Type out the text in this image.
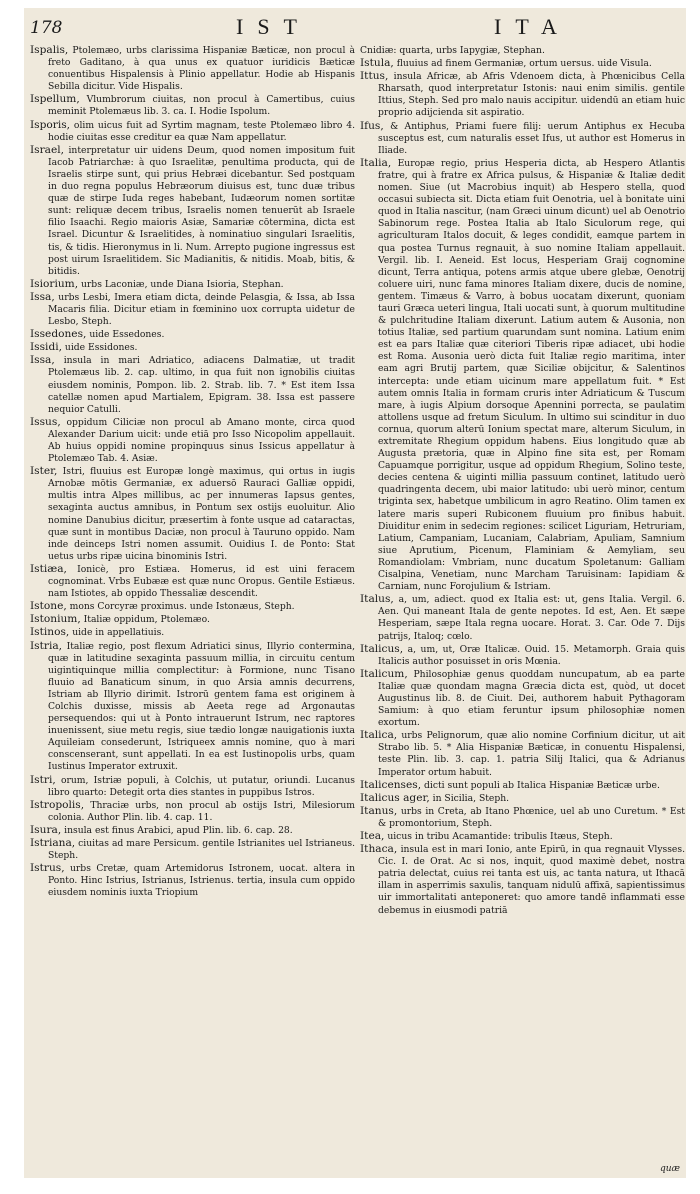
178	IST	ITA
Ispalis, Ptolemæo, urbs clarissima Hispaniæ Bæticæ, non procul à freto Gaditano, à qua unus ex quatuor iuridicis Bæticæ conuentibus Hispalensis à Plinio appellatur. Hodie ab Hispanis Sebilla dicitur. Vide Hispalis.
Ispellum, Vlumbrorum ciuitas, non procul à Camertibus, cuius meminit Ptolemæus lib. 3. ca. I. Hodie Ispolum.
Isporis, olim uicus fuit ad Syrtim magnam, teste Ptolemæo libro 4. hodie ciuitas esse creditur ea quæ Nam appellatur.
Israel, interpretatur uir uidens Deum, quod nomen impositum fuit Iacob Patriarchæ: à quo Israelitæ, penultima producta, qui de Israelis stirpe sunt, qui prius Hebræi dicebantur. Sed postquam in duo regna populus Hebræorum diuisus est, tunc duæ tribus quæ de stirpe Iuda reges habebant, Iudæorum nomen sortitæ sunt: reliquæ decem tribus, Israelis nomen tenuerūt ab Israele filio Isaachi. Regio maioris Asiæ, Samariæ cōtermina, dicta est Israel. Dicuntur & Israelitides, à nominatiuo singulari Israelitis, tis, & tidis. Hieronymus in li. Num. Arrepto pugione ingressus est post uirum Israelitidem. Sic Madianitis, & nitidis. Moab, bitis, & bitidis.
Isiorium, urbs Laconiæ, unde Diana Isioria, Stephan.
Issa, urbs Lesbi, Imera etiam dicta, deinde Pelasgia, & Issa, ab Issa Macaris filia. Dicitur etiam in fœminino uox corrupta uidetur de Lesbo, Steph.
Issedones, uide Essedones.
Issidi, uide Essidones.
Issa, insula in mari Adriatico, adiacens Dalmatiæ, ut tradit Ptolemæus lib. 2. cap. ultimo, in qua fuit non ignobilis ciuitas eiusdem nominis, Pompon. lib. 2. Strab. lib. 7. * Est item Issa catellæ nomen apud Martialem, Epigram. 38. Issa est passere nequior Catulli.
Issus, oppidum Ciliciæ non procul ab Amano monte, circa quod Alexander Darium uicit: unde etiā pro Isso Nicopolim appellauit. Ab huius oppidi nomine propinquus sinus Issicus appellatur à Ptolemæo Tab. 4. Asiæ.
Ister, Istri, fluuius est Europæ longè maximus, qui ortus in iugis Arnobæ mōtis Germaniæ, ex aduersō Rauraci Galliæ oppidi, multis intra Alpes millibus, ac per innumeras Iapsus gentes, sexaginta auctus amnibus, in Pontum sex ostijs euoluitur. Alio nomine Danubius dicitur, præsertim à fonte usque ad cataractas, quæ sunt in montibus Daciæ, non procul à Tauruno oppido. Nam inde deinceps Istri nomen assumit. Ouidius I. de Ponto: Stat uetus urbs ripæ uicina binominis Istri.
Istiæa, Ionicè, pro Estiæa. Homerus, id est uini feracem cognominat. Vrbs Eubææ est quæ nunc Oropus. Gentile Estiæus. nam Istiotes, ab oppido Thessaliæ descendit.
Istone, mons Corcyræ proximus. unde Istonæus, Steph.
Istonium, Italiæ oppidum, Ptolemæo.
Istinos, uide in appellatiuis.
Istria, Italiæ regio, post flexum Adriatici sinus, Illyrio contermina, quæ in latitudine sexaginta passuum millia, in circuitu centum uigintiquinque millia complectitur: à Formione, nunc Tisano fluuio ad Banaticum sinum, in quo Arsia amnis decurrens, Istriam ab Illyrio dirimit. Istrorū gentem fama est originem à Colchis duxisse, missis ab Aeeta rege ad Argonautas persequendos: qui ut à Ponto intrauerunt Istrum, nec raptores inuenissent, siue metu regis, siue tædio longæ nauigationis iuxta Aquileiam consederunt, Istriqueex amnis nomine, quo à mari conscenserant, sunt appellati. In ea est Iustinopolis urbs, quam Iustinus Imperator extruxit.
Istri, orum, Istriæ populi, à Colchis, ut putatur, oriundi. Lucanus libro quarto: Detegit orta dies stantes in puppibus Istros.
Istropolis, Thraciæ urbs, non procul ab ostijs Istri, Milesiorum colonia. Author Plin. lib. 4. cap. 11.
Isura, insula est finus Arabici, apud Plin. lib. 6. cap. 28.
Istriana, ciuitas ad mare Persicum. gentile Istrianites uel Istrianeus. Steph.
Istrus, urbs Cretæ, quam Artemidorus Istronem, uocat. altera in Ponto. Hinc Istrius, Istrianus, Istrienus. tertia, insula cum oppido eiusdem nominis iuxta Triopium
Cnidiæ: quarta, urbs Iapygiæ, Stephan.
Istula, fluuius ad finem Germaniæ, ortum uersus. uide Visula.
Ittus, insula Africæ, ab Afris Vdenoem dicta, à Phœnicibus Cella Rharsath, quod interpretatur Istonis: naui enim similis. gentile Ittius, Steph. Sed pro malo nauis accipitur. uidendū an etiam huic proprio adijcienda sit aspiratio.
Ifus, & Antiphus, Priami fuere filij: uerum Antiphus ex Hecuba susceptus est, cum naturalis esset Ifus, ut author est Homerus in Iliade.
Italia, Europæ regio, prius Hesperia dicta, ab Hespero Atlantis fratre, qui à fratre ex Africa pulsus, & Hispaniæ & Italiæ dedit nomen. Siue (ut Macrobius inquit) ab Hespero stella, quod occasui subiecta sit. Dicta etiam fuit Oenotria, uel à bonitate uini quod in Italia nascitur, (nam Græci uinum dicunt) uel ab Oenotrio Sabinorum rege. Postea Italia ab Italo Siculorum rege, qui agriculturam Italos docuit, & leges condidit, eamque partem in qua postea Turnus regnauit, à suo nomine Italiam appellauit. Vergil. lib. I. Aeneid. Est locus, Hesperiam Graij cognomine dicunt, Terra antiqua, potens armis atque ubere glebæ, Oenotrij coluere uiri, nunc fama minores Italiam dixere, ducis de nomine, gentem. Timæus & Varro, à bobus uocatam dixerunt, quoniam tauri Græca ueteri lingua, Itali uocati sunt, à quorum multitudine & pulchritudine Italiam dixerunt. Latium autem & Ausonia, non totius Italiæ, sed partium quarundam sunt nomina. Latium enim est ea pars Italiæ quæ citeriori Tiberis ripæ adiacet, ubi hodie est Roma. Ausonia uerò dicta fuit Italiæ regio maritima, inter eam agri Brutij partem, quæ Siciliæ obijcitur, & Salentinos intercepta: unde etiam uicinum mare appellatum fuit. * Est autem omnis Italia in formam cruris inter Adriaticum & Tuscum mare, à iugis Alpium dorsoque Apennini porrecta, se paulatim attollens usque ad fretum Siculum. In ultimo sui scinditur in duo cornua, quorum alterū Ionium spectat mare, alterum Siculum, in extremitate Rhegium oppidum habens. Eius longitudo quæ ab Augusta prætoria, quæ in Alpino fine sita est, per Romam Capuamque porrigitur, usque ad oppidum Rhegium, Solino teste, decies centena & uiginti millia passuum continet, latitudo uerò quadringenta decem, ubi maior latitudo: ubi uerò minor, centum triginta sex, habetque umbilicum in agro Reatino. Olim tamen ex latere maris superi Rubiconem fluuium pro finibus habuit. Diuiditur enim in sedecim regiones: scilicet Liguriam, Hetruriam, Latium, Campaniam, Lucaniam, Calabriam, Apuliam, Samnium siue Aprutium, Picenum, Flaminiam & Aemyliam, seu Romandiolam: Vmbriam, nunc ducatum Spoletanum: Galliam Cisalpina, Venetiam, nunc Marcham Taruisinam: Iapidiam & Carniam, nunc Forojulium & Istriam.
Italus, a, um, adiect. quod ex Italia est: ut, gens Italia. Vergil. 6. Aen. Qui maneant Itala de gente nepotes. Id est, Aen. Et sæpe Hesperiam, sæpe Itala regna uocare. Horat. 3. Car. Ode 7. Dijs patrijs, Italoq; cœlo.
Italicus, a, um, ut, Oræ Italicæ. Ouid. 15. Metamorph. Graia quis Italicis author posuisset in oris Mœnia.
Italicum, Philosophiæ genus quoddam nuncupatum, ab ea parte Italiæ quæ quondam magna Græcia dicta est, quòd, ut docet Augustinus lib. 8. de Ciuit. Dei, authorem habuit Pythagoram Samium: à quo etiam feruntur ipsum philosophiæ nomen exortum.
Italica, urbs Pelignorum, quæ alio nomine Corfinium dicitur, ut ait Strabo lib. 5. * Alia Hispaniæ Bæticæ, in conuentu Hispalensi, teste Plin. lib. 3. cap. 1. patria Silij Italici, qua & Adrianus Imperator ortum habuit.
Italicenses, dicti sunt populi ab Italica Hispaniæ Bæticæ urbe.
Italicus ager, in Sicilia, Steph.
Itanus, urbs in Creta, ab Itano Phœnice, uel ab uno Curetum. * Est & promontorium, Steph.
Itea, uicus in tribu Acamantide: tribulis Itæus, Steph.
Ithaca, insula est in mari Ionio, ante Epirū, in qua regnauit Vlysses. Cic. I. de Orat. Ac si nos, inquit, quod maximè debet, nostra patria delectat, cuius rei tanta est uis, ac tanta natura, ut Ithacā illam in asperrimis saxulis, tanquam nidulū affixā, sapientissimus uir immortalitati anteponeret: quo amore tandē inflammati esse debemus in eiusmodi patriā
quæ
